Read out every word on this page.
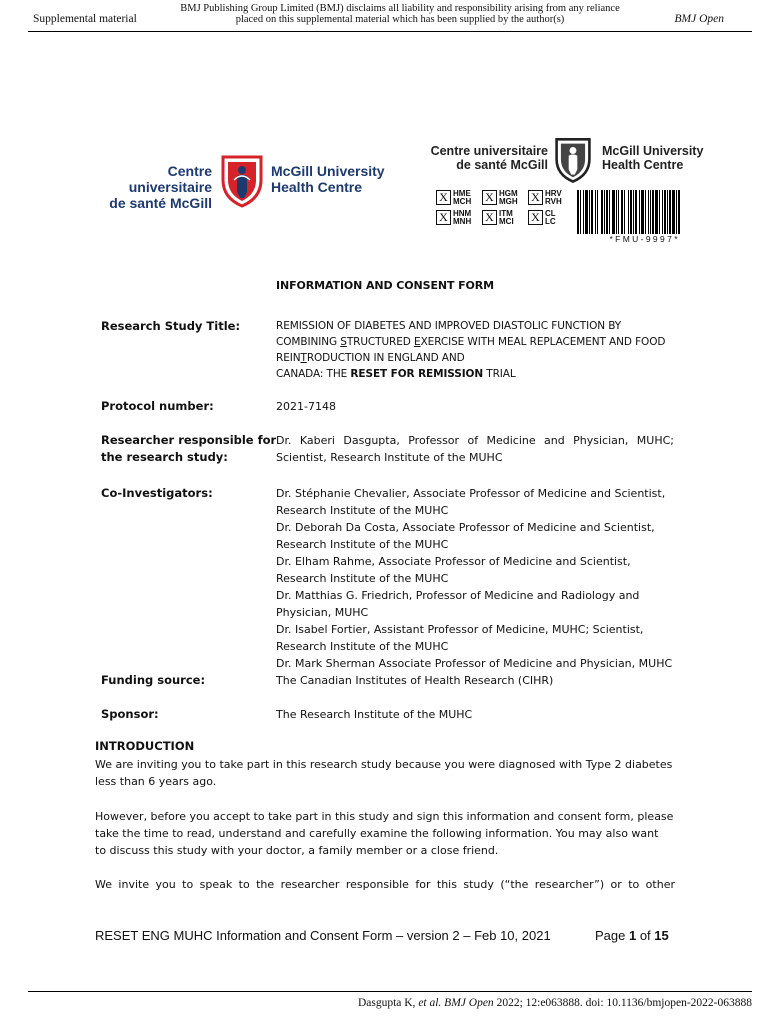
Supplemental material
BMJ Publishing Group Limited (BMJ) disclaims all liability and responsibility arising from any reliance
placed on this supplemental material which has been supplied by the author(s)	BMJ Open
Centre universitaire
de santé McGill
McGill University
Health Centre
Centre universitaire
de santé McGill
McGill University
Health Centre
X HME
MCH X HGM
MGH X HRV
RVH
X HNM
MNH X ITM
MCI X CL
LC
* F M U - 9 9 9 7 *
INFORMATION AND CONSENT FORM
Research Study Title:	REMISSION OF DIABETES AND IMPROVED DIASTOLIC FUNCTION BY
COMBINING STRUCTURED EXERCISE WITH MEAL REPLACEMENT AND FOOD
REINTRODUCTION IN ENGLAND AND
CANADA: THE RESET FOR REMISSION TRIAL
Protocol number:	2021-7148
Researcher responsible for
the research study:
Dr. Kaberi Dasgupta, Professor of Medicine and Physician, MUHC;
Scientist, Research Institute of the MUHC
Co-Investigators:	Dr. Stéphanie Chevalier, Associate Professor of Medicine and Scientist,
Research Institute of the MUHC
Dr. Deborah Da Costa, Associate Professor of Medicine and Scientist,
Research Institute of the MUHC
Dr. Elham Rahme, Associate Professor of Medicine and Scientist,
Research Institute of the MUHC
Dr. Matthias G. Friedrich, Professor of Medicine and Radiology and
Physician, MUHC
Dr. Isabel Fortier, Assistant Professor of Medicine, MUHC; Scientist,
Research Institute of the MUHC
Dr. Mark Sherman Associate Professor of Medicine and Physician, MUHC
Funding source:	The Canadian Institutes of Health Research (CIHR)
Sponsor:	The Research Institute of the MUHC
INTRODUCTION
We are inviting you to take part in this research study because you were diagnosed with Type 2 diabetes
less than 6 years ago.
However, before you accept to take part in this study and sign this information and consent form, please
take the time to read, understand and carefully examine the following information. You may also want
to discuss this study with your doctor, a family member or a close friend.
We invite you to speak to the researcher responsible for this study (“the researcher”) or to other
RESET ENG MUHC Information and Consent Form – version 2 – Feb 10, 2021	Page 1 of 15
Dasgupta K, et al. BMJ Open 2022; 12:e063888. doi: 10.1136/bmjopen-2022-063888
